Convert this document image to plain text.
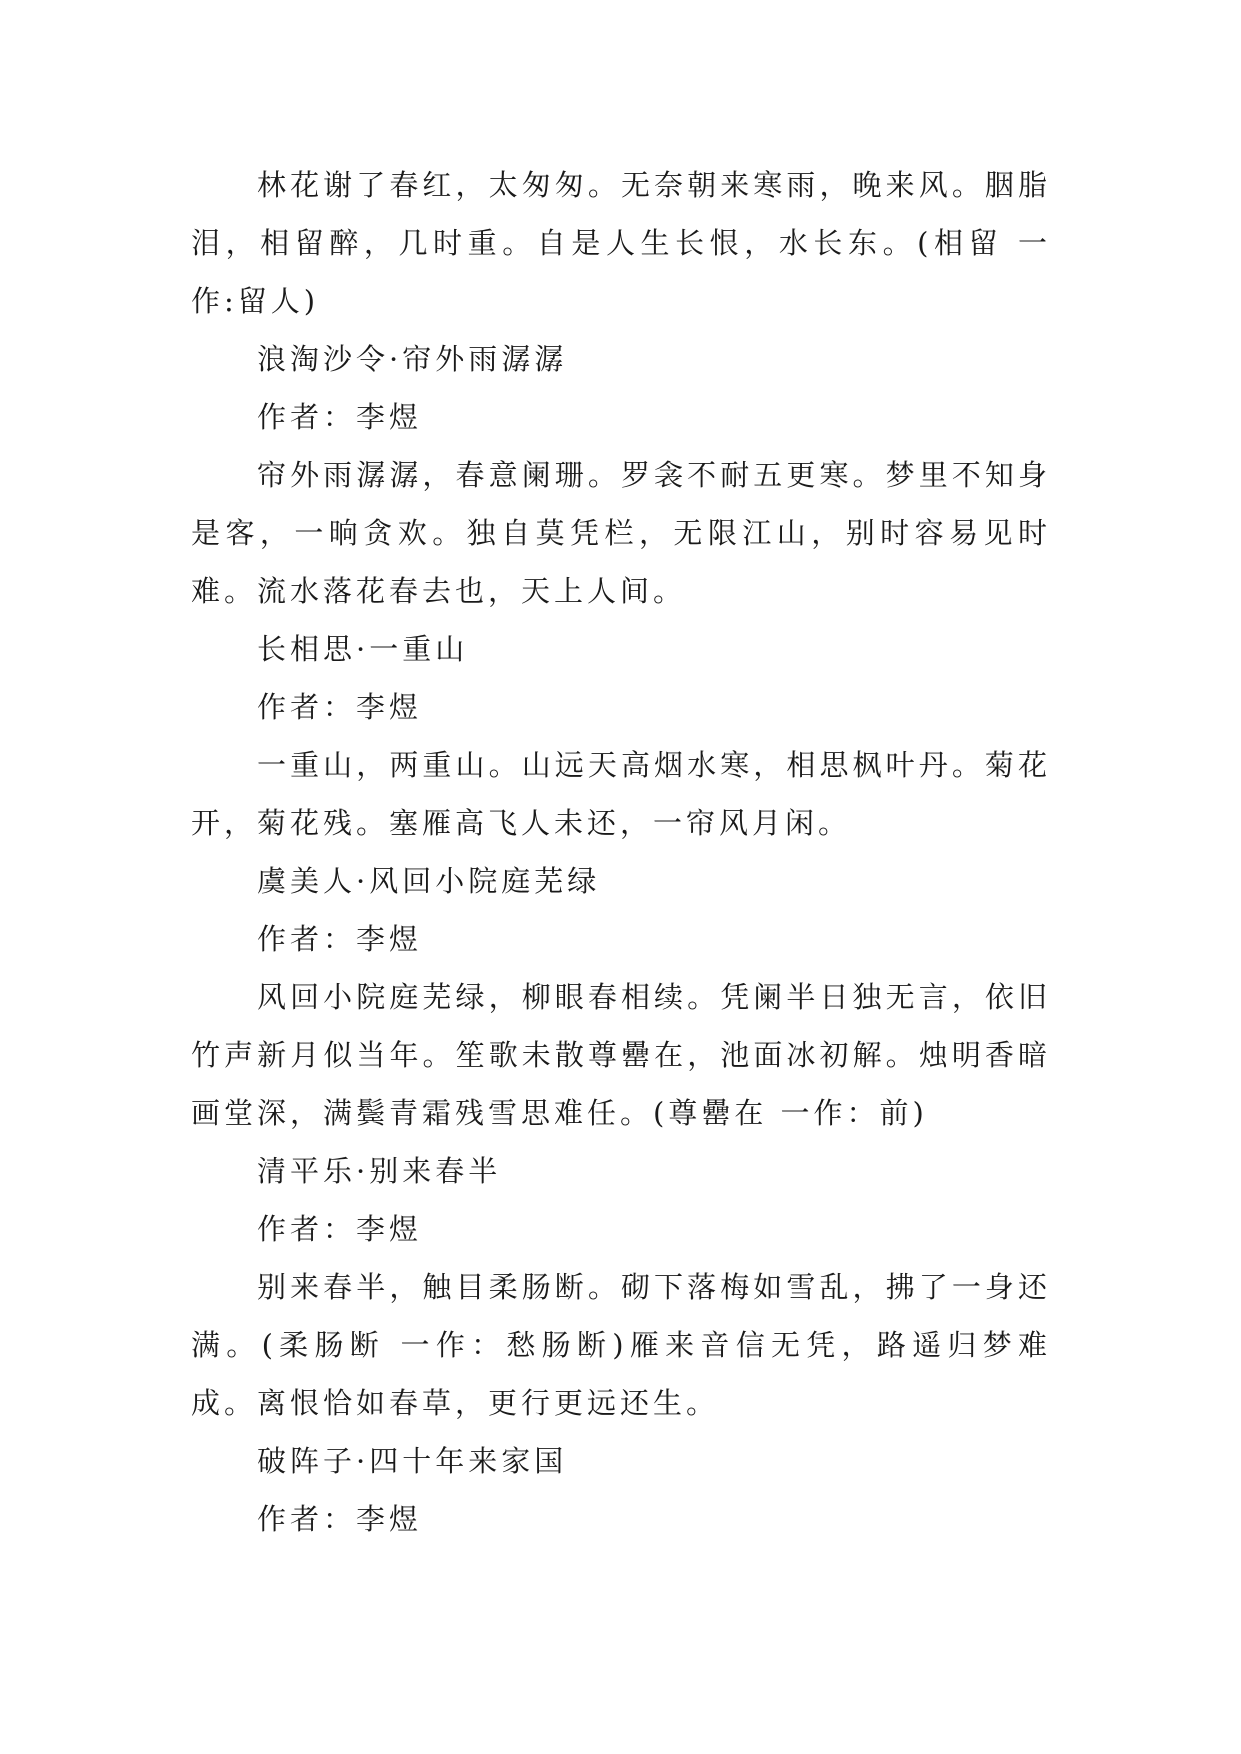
林花谢了春红，太匆匆。无奈朝来寒雨，晚来风。胭脂泪，相留醉，几时重。自是人生长恨，水长东。(相留 一作:留人)

浪淘沙令·帘外雨潺潺

作者：李煜

帘外雨潺潺，春意阑珊。罗衾不耐五更寒。梦里不知身是客，一晌贪欢。独自莫凭栏，无限江山，别时容易见时难。流水落花春去也，天上人间。

长相思·一重山

作者：李煜

一重山，两重山。山远天高烟水寒，相思枫叶丹。菊花开，菊花残。塞雁高飞人未还，一帘风月闲。

虞美人·风回小院庭芜绿

作者：李煜

风回小院庭芜绿，柳眼春相续。凭阑半日独无言，依旧竹声新月似当年。笙歌未散尊罍在，池面冰初解。烛明香暗画堂深，满鬓青霜残雪思难任。(尊罍在 一作：前)

清平乐·别来春半

作者：李煜

别来春半，触目柔肠断。砌下落梅如雪乱，拂了一身还满。(柔肠断 一作：愁肠断)雁来音信无凭，路遥归梦难成。离恨恰如春草，更行更远还生。

破阵子·四十年来家国

作者：李煜
